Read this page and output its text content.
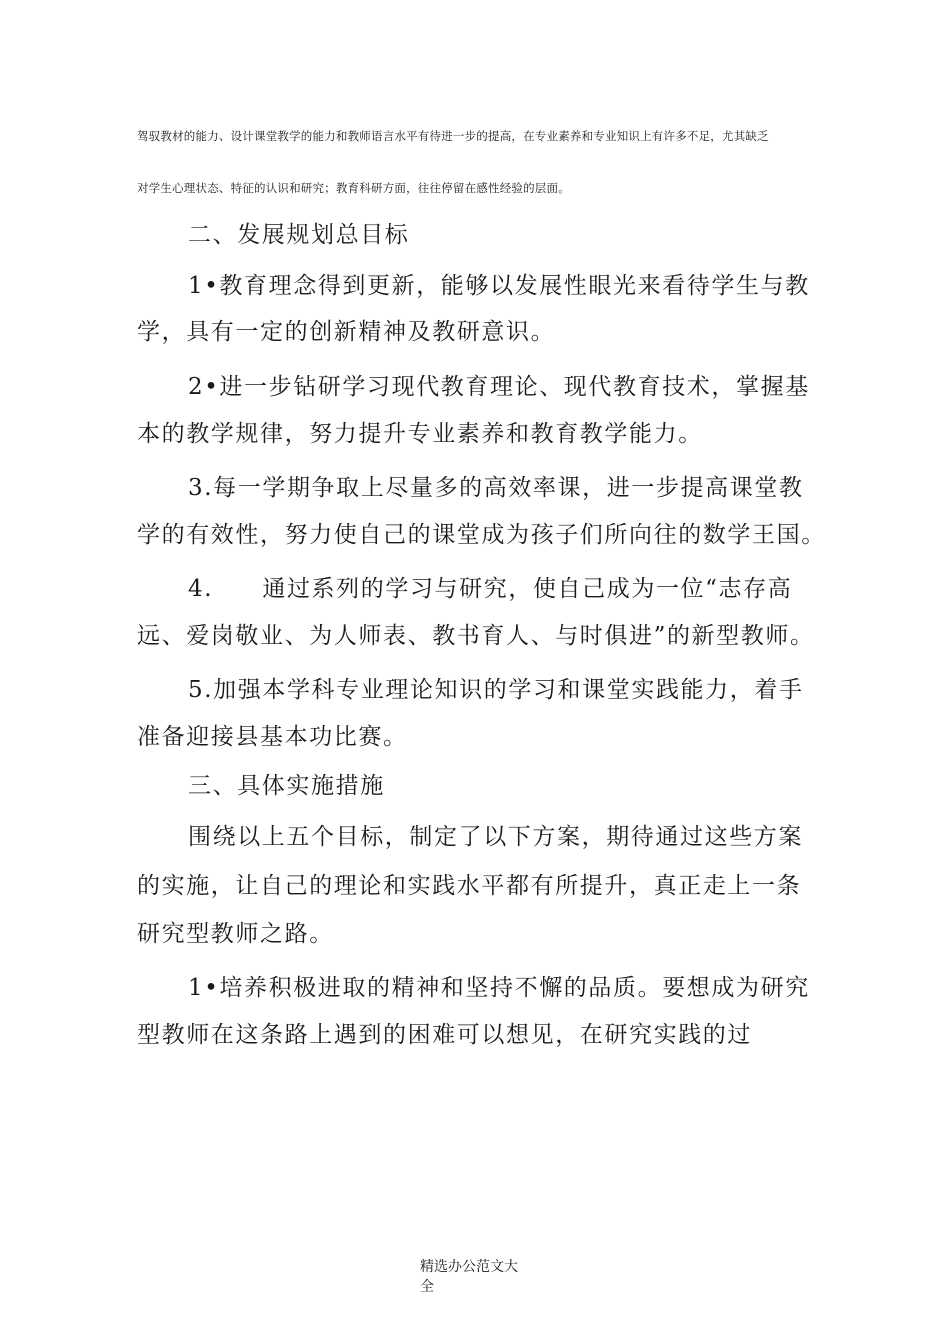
驾驭教材的能力、设计课堂教学的能力和教师语言水平有待进一步的提高，在专业素养和专业知识上有许多不足，尤其缺乏
对学生心理状态、特征的认识和研究；教育科研方面，往往停留在感性经验的层面。
二、发展规划总目标
1•教育理念得到更新，能够以发展性眼光来看待学生与教
学，具有一定的创新精神及教研意识。
2•进一步钻研学习现代教育理论、现代教育技术，掌握基
本的教学规律，努力提升专业素养和教育教学能力。
3.每一学期争取上尽量多的高效率课，进一步提高课堂教
学的有效性，努力使自己的课堂成为孩子们所向往的数学王国。
4.　　通过系列的学习与研究，使自己成为一位“志存高
远、爱岗敬业、为人师表、教书育人、与时俱进”的新型教师。
5.加强本学科专业理论知识的学习和课堂实践能力，着手
准备迎接县基本功比赛。
三、具体实施措施
围绕以上五个目标，制定了以下方案，期待通过这些方案
的实施，让自己的理论和实践水平都有所提升，真正走上一条
研究型教师之路。
1•培养积极进取的精神和坚持不懈的品质。要想成为研究
型教师在这条路上遇到的困难可以想见，在研究实践的过
精选办公范文大
全
